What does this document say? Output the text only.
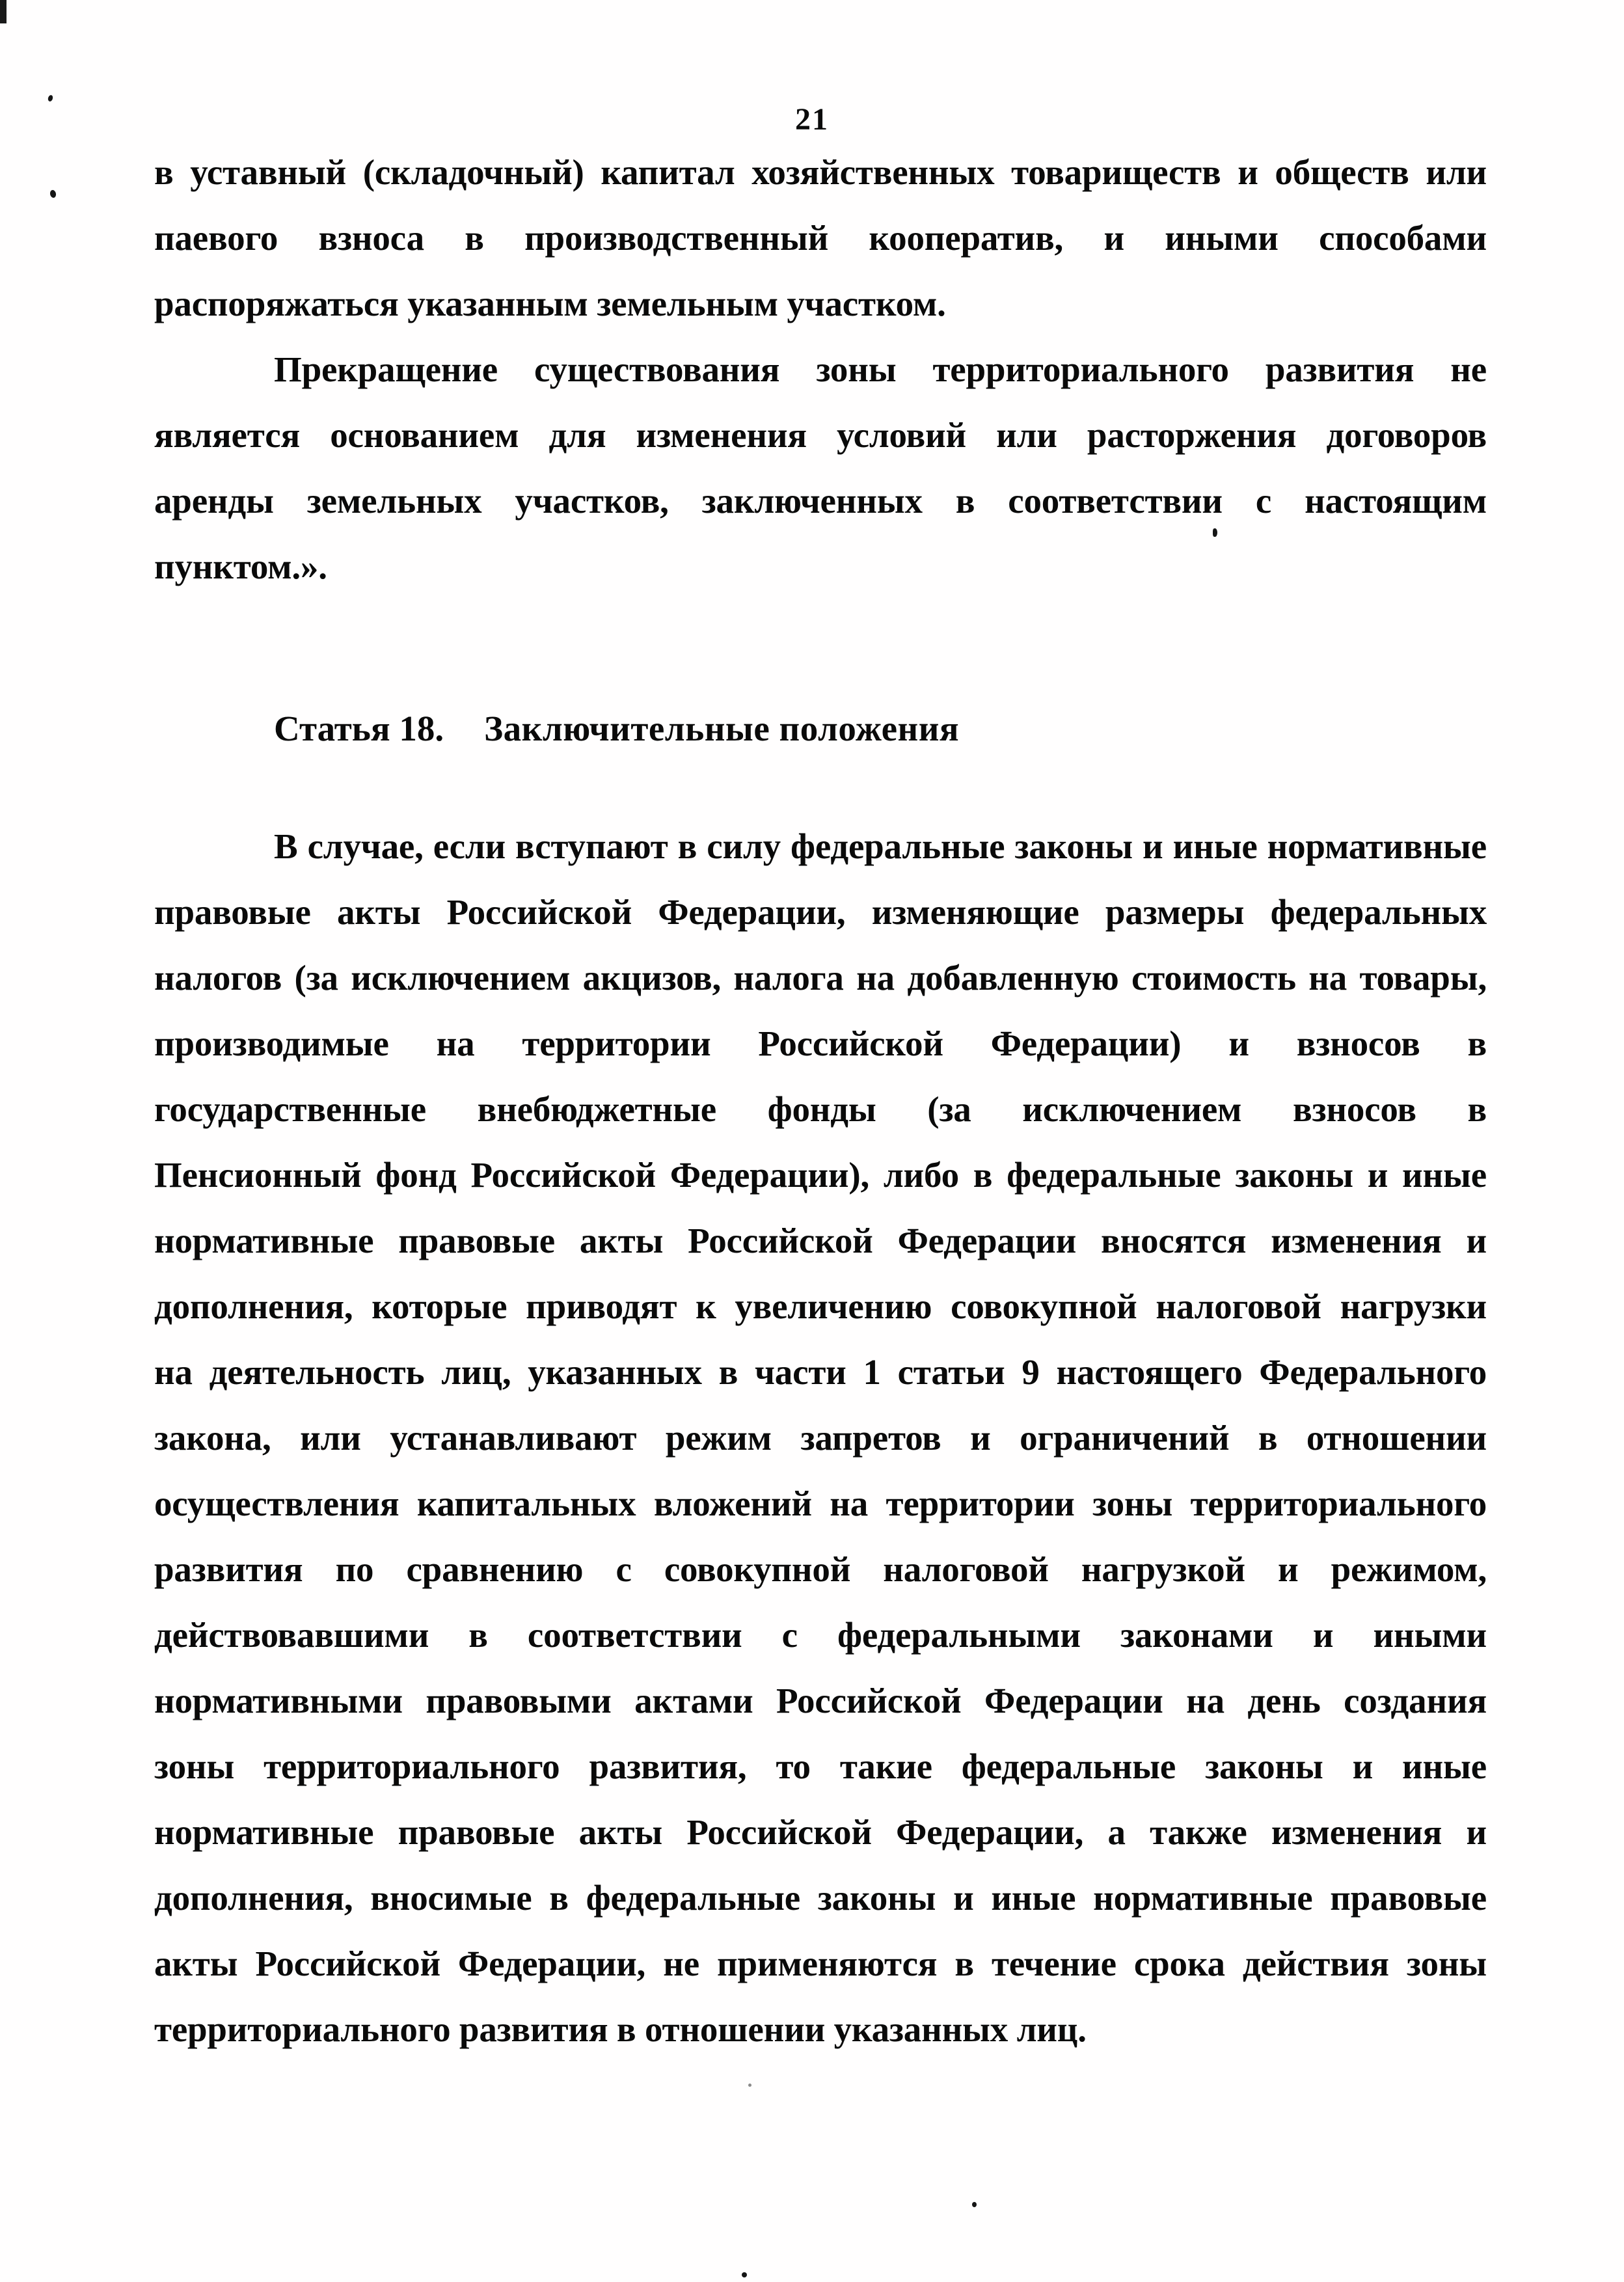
21
в уставный (складочный) капитал хозяйственных товариществ и обществ или
паевого взноса в производственный кооператив, и иными способами
распоряжаться указанным земельным участком.
Прекращение существования зоны территориального развития не
является основанием для изменения условий или расторжения договоров
аренды земельных участков, заключенных в соответствии с настоящим
пунктом.».
Статья 18. Заключительные положения
В случае, если вступают в силу федеральные законы и иные нормативные
правовые акты Российской Федерации, изменяющие размеры федеральных
налогов (за исключением акцизов, налога на добавленную стоимость на товары,
производимые на территории Российской Федерации) и взносов в
государственные внебюджетные фонды (за исключением взносов в
Пенсионный фонд Российской Федерации), либо в федеральные законы и иные
нормативные правовые акты Российской Федерации вносятся изменения и
дополнения, которые приводят к увеличению совокупной налоговой нагрузки
на деятельность лиц, указанных в части 1 статьи 9 настоящего Федерального
закона, или устанавливают режим запретов и ограничений в отношении
осуществления капитальных вложений на территории зоны территориального
развития по сравнению с совокупной налоговой нагрузкой и режимом,
действовавшими в соответствии с федеральными законами и иными
нормативными правовыми актами Российской Федерации на день создания
зоны территориального развития, то такие федеральные законы и иные
нормативные правовые акты Российской Федерации, а также изменения и
дополнения, вносимые в федеральные законы и иные нормативные правовые
акты Российской Федерации, не применяются в течение срока действия зоны
территориального развития в отношении указанных лиц.
